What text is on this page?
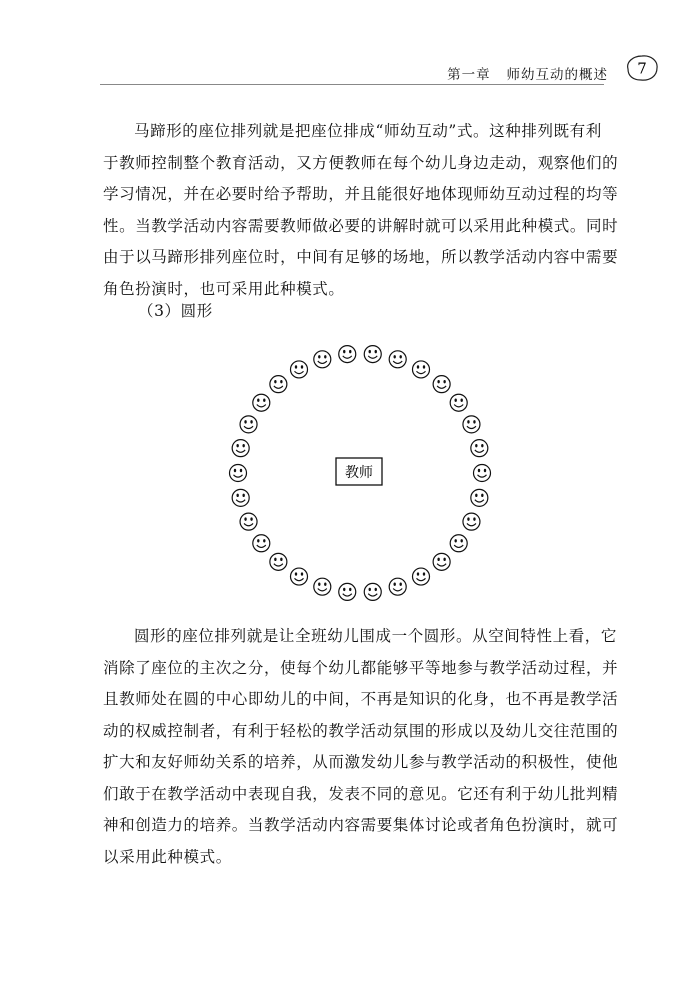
第一章 师幼互动的概述 7

马蹄形的座位排列就是把座位排成“师幼互动”式。这种排列既有利
于教师控制整个教育活动，又方便教师在每个幼儿身边走动，观察他们的
学习情况，并在必要时给予帮助，并且能很好地体现师幼互动过程的均等
性。当教学活动内容需要教师做必要的讲解时就可以采用此种模式。同时
由于以马蹄形排列座位时，中间有足够的场地，所以教学活动内容中需要
角色扮演时，也可采用此种模式。

（3）圆形
教师

圆形的座位排列就是让全班幼儿围成一个圆形。从空间特性上看，它
消除了座位的主次之分，使每个幼儿都能够平等地参与教学活动过程，并
且教师处在圆的中心即幼儿的中间，不再是知识的化身，也不再是教学活
动的权威控制者，有利于轻松的教学活动氛围的形成以及幼儿交往范围的
扩大和友好师幼关系的培养，从而激发幼儿参与教学活动的积极性，使他
们敢于在教学活动中表现自我，发表不同的意见。它还有利于幼儿批判精
神和创造力的培养。当教学活动内容需要集体讨论或者角色扮演时，就可
以采用此种模式。
